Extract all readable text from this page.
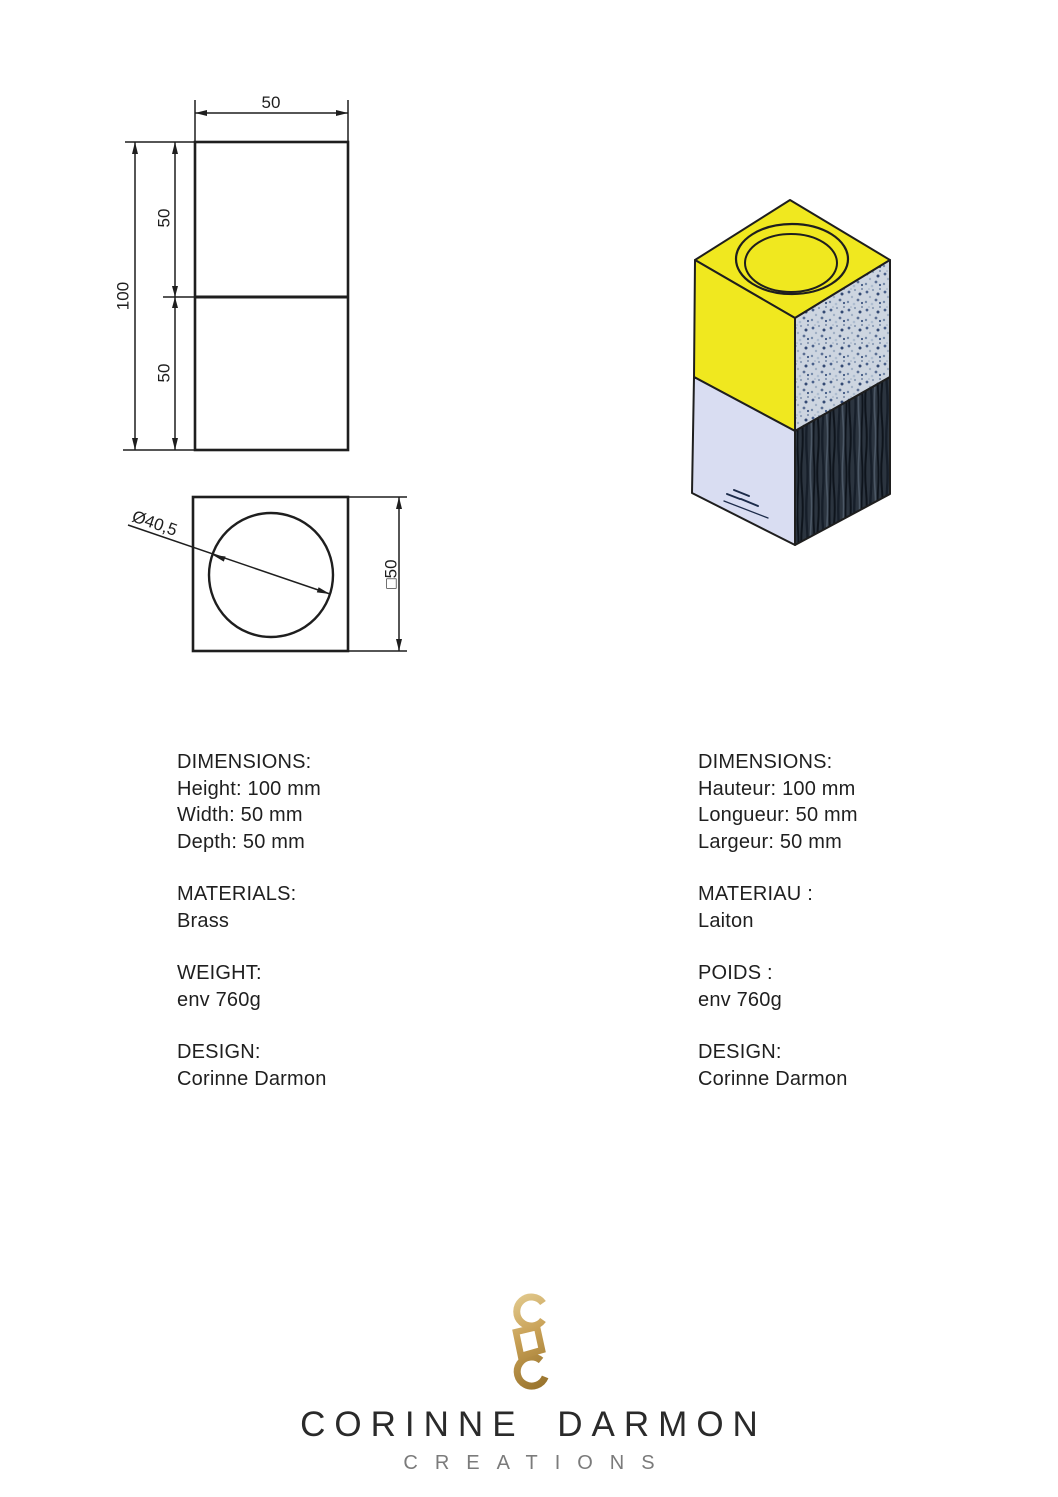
50
100
50
50
Ø40,5
□50
DIMENSIONS:
Height: 100 mm
Width: 50 mm
Depth: 50 mm
MATERIALS:
Brass
WEIGHT:
env 760g
DESIGN:
Corinne Darmon
DIMENSIONS:
Hauteur: 100 mm
Longueur: 50 mm
Largeur: 50 mm
MATERIAU :
Laiton
POIDS :
env 760g
DESIGN:
Corinne Darmon
CORINNE DARMON
CREATIONS
